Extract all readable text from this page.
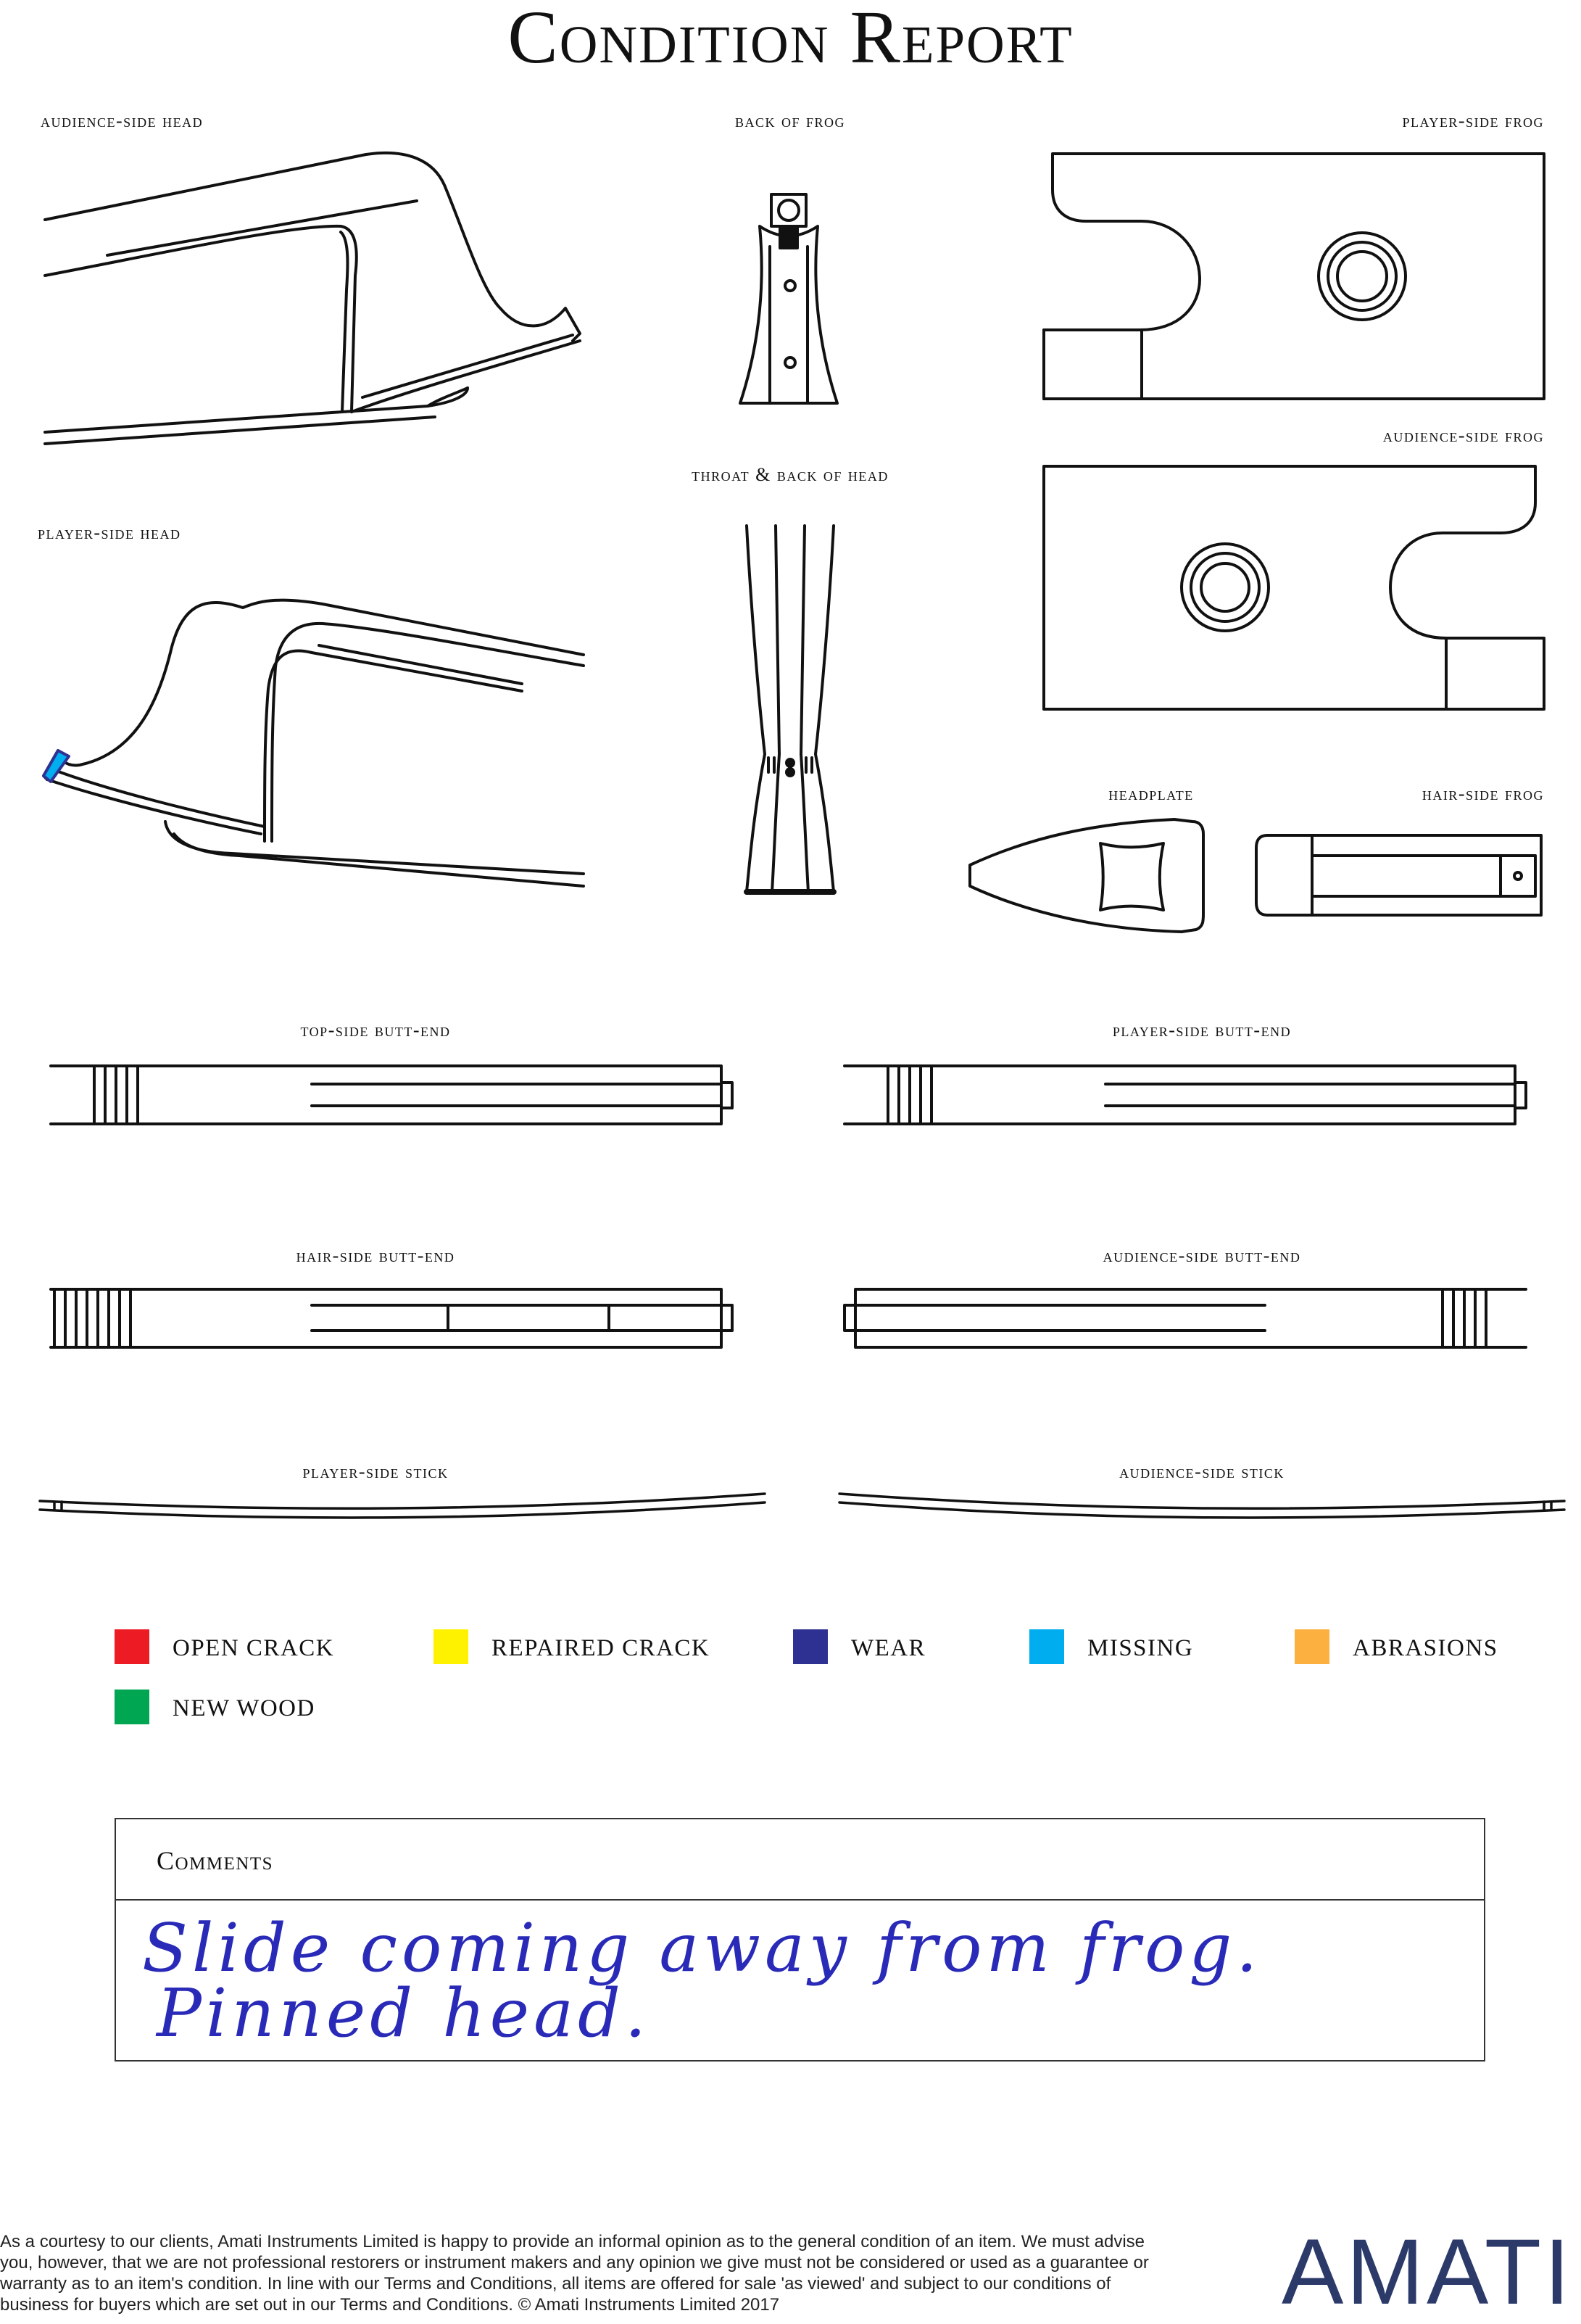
Condition Report
audience-side head	back of frog	player-side frog
audience-side frog
throat & back of head
player-side head
headplate	hair-side frog
top-side butt-end	player-side butt-end
hair-side butt-end	audience-side butt-end
player-side stick	audience-side stick
OPEN CRACK	REPAIRED CRACK	WEAR	MISSING	ABRASIONS
NEW WOOD
Comments
Slide coming away from frog.
Pinned head.
As a courtesy to our clients, Amati Instruments Limited is happy to provide an informal opinion as to the general condition of an item. We must advise you, however, that we are not professional restorers or instrument makers and any opinion we give must not be considered or used as a guarantee or warranty as to an item's condition. In line with our Terms and Conditions, all items are offered for sale 'as viewed' and subject to our conditions of business for buyers which are set out in our Terms and Conditions. © Amati Instruments Limited 2017	AMATI
